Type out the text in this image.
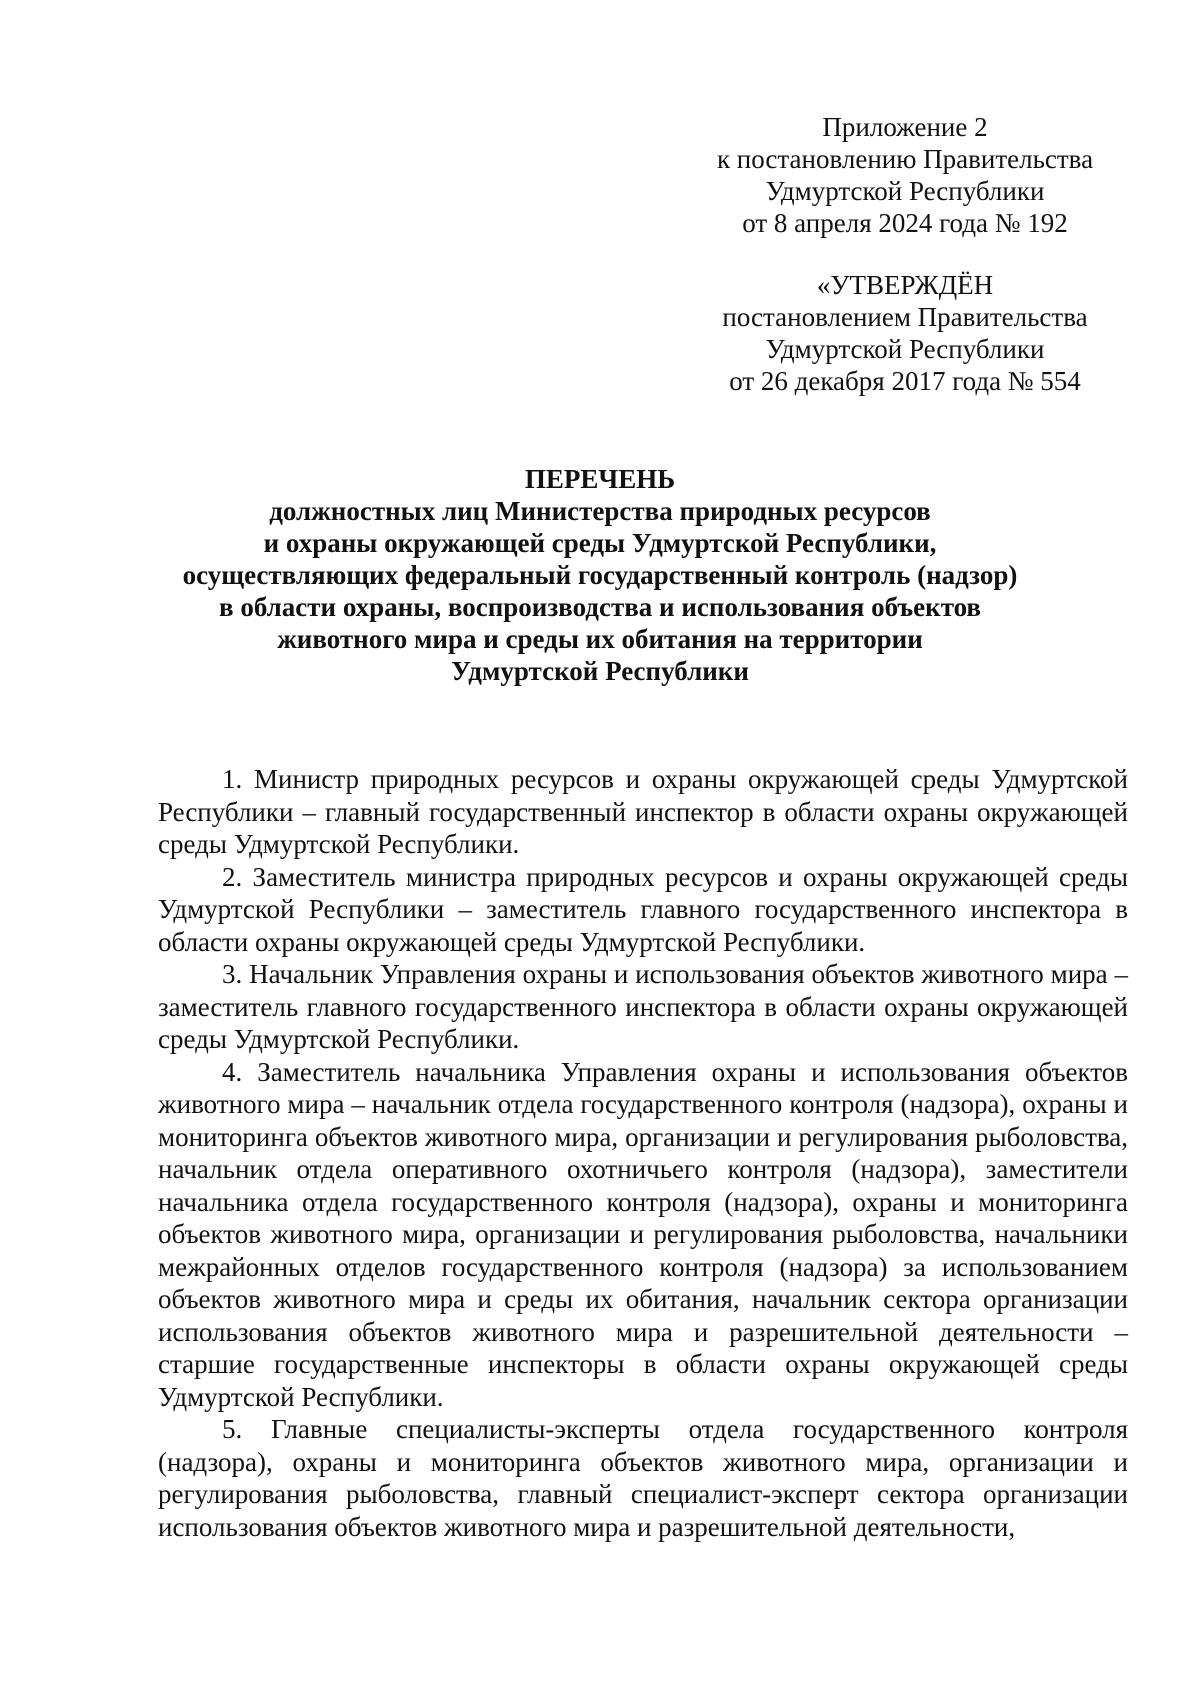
Приложение 2
к постановлению Правительства
Удмуртской Республики
от 8 апреля 2024 года № 192
«УТВЕРЖДЁН
постановлением Правительства
Удмуртской Республики
от 26 декабря 2017 года № 554
ПЕРЕЧЕНЬ
должностных лиц Министерства природных ресурсов
и охраны окружающей среды Удмуртской Республики,
осуществляющих федеральный государственный контроль (надзор)
в области охраны, воспроизводства и использования объектов
животного мира и среды их обитания на территории
Удмуртской Республики

1. Министр природных ресурсов и охраны окружающей среды Удмуртской Республики – главный государственный инспектор в области охраны окружающей среды Удмуртской Республики.

2. Заместитель министра природных ресурсов и охраны окружающей среды Удмуртской Республики – заместитель главного государственного инспектора в области охраны окружающей среды Удмуртской Республики.

3. Начальник Управления охраны и использования объектов животного мира – заместитель главного государственного инспектора в области охраны окружающей среды Удмуртской Республики.

4. Заместитель начальника Управления охраны и использования объектов животного мира – начальник отдела государственного контроля (надзора), охраны и мониторинга объектов животного мира, организации и регулирования рыболовства, начальник отдела оперативного охотничьего контроля (надзора), заместители начальника отдела государственного контроля (надзора), охраны и мониторинга объектов животного мира, организации и регулирования рыболовства, начальники межрайонных отделов государственного контроля (надзора) за использованием объектов животного мира и среды их обитания, начальник сектора организации использования объектов животного мира и разрешительной деятельности – старшие государственные инспекторы в области охраны окружающей среды Удмуртской Республики.

5. Главные специалисты-эксперты отдела государственного контроля (надзора), охраны и мониторинга объектов животного мира, организации и регулирования рыболовства, главный специалист-эксперт сектора организации использования объектов животного мира и разрешительной деятельности,
